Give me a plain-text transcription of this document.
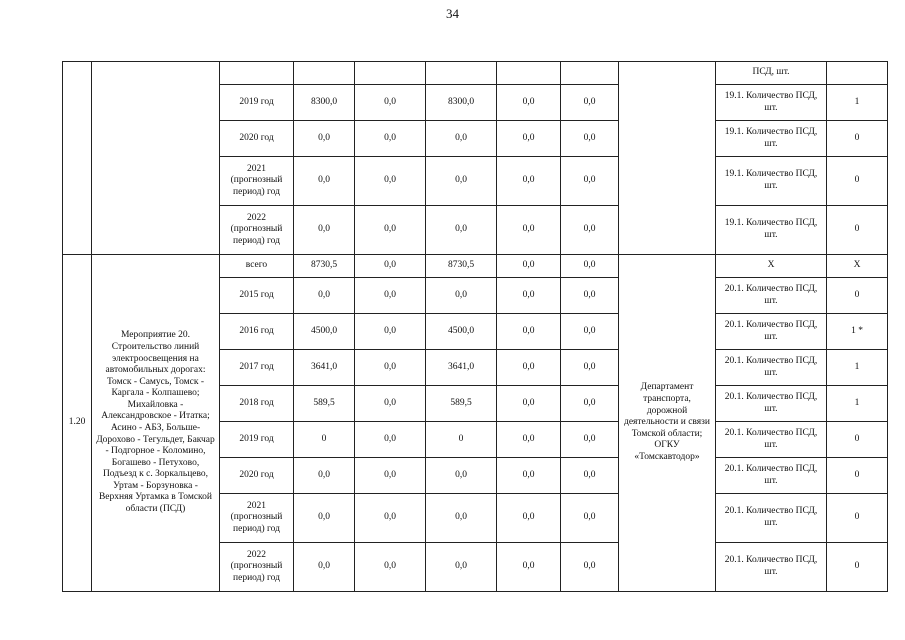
34
									ПСД, шт.	
		2019 год	8300,0	0,0	8300,0	0,0	0,0		19.1. Количество ПСД, шт.	1
		2020 год	0,0	0,0	0,0	0,0	0,0		19.1. Количество ПСД, шт.	0
		2021 (прогнозный период) год	0,0	0,0	0,0	0,0	0,0		19.1. Количество ПСД, шт.	0
		2022 (прогнозный период) год	0,0	0,0	0,0	0,0	0,0		19.1. Количество ПСД, шт.	0
1.20	Мероприятие 20. Строительство линий электроосвещения на автомобильных дорогах: Томск - Самусь, Томск - Каргала - Колпашево; Михайловка - Александровское - Итатка; Асино - АБЗ, Больше-Дорохово - Тегульдет, Бакчар - Подгорное - Коломино, Богашево - Петухово, Подъезд к с. Зоркальцево, Уртам - Борзуновка - Верхняя Уртамка в Томской области (ПСД)	всего	8730,5	0,0	8730,5	0,0	0,0	Департамент транспорта, дорожной деятельности и связи Томской области; ОГКУ «Томскавтодор»	Х	Х
		2015 год	0,0	0,0	0,0	0,0	0,0		20.1. Количество ПСД, шт.	0
		2016 год	4500,0	0,0	4500,0	0,0	0,0		20.1. Количество ПСД, шт.	1 *
		2017 год	3641,0	0,0	3641,0	0,0	0,0		20.1. Количество ПСД, шт.	1
		2018 год	589,5	0,0	589,5	0,0	0,0		20.1. Количество ПСД, шт.	1
		2019 год	0	0,0	0	0,0	0,0		20.1. Количество ПСД, шт.	0
		2020 год	0,0	0,0	0,0	0,0	0,0		20.1. Количество ПСД, шт.	0
		2021 (прогнозный период) год	0,0	0,0	0,0	0,0	0,0		20.1. Количество ПСД, шт.	0
		2022 (прогнозный период) год	0,0	0,0	0,0	0,0	0,0		20.1. Количество ПСД, шт.	0
